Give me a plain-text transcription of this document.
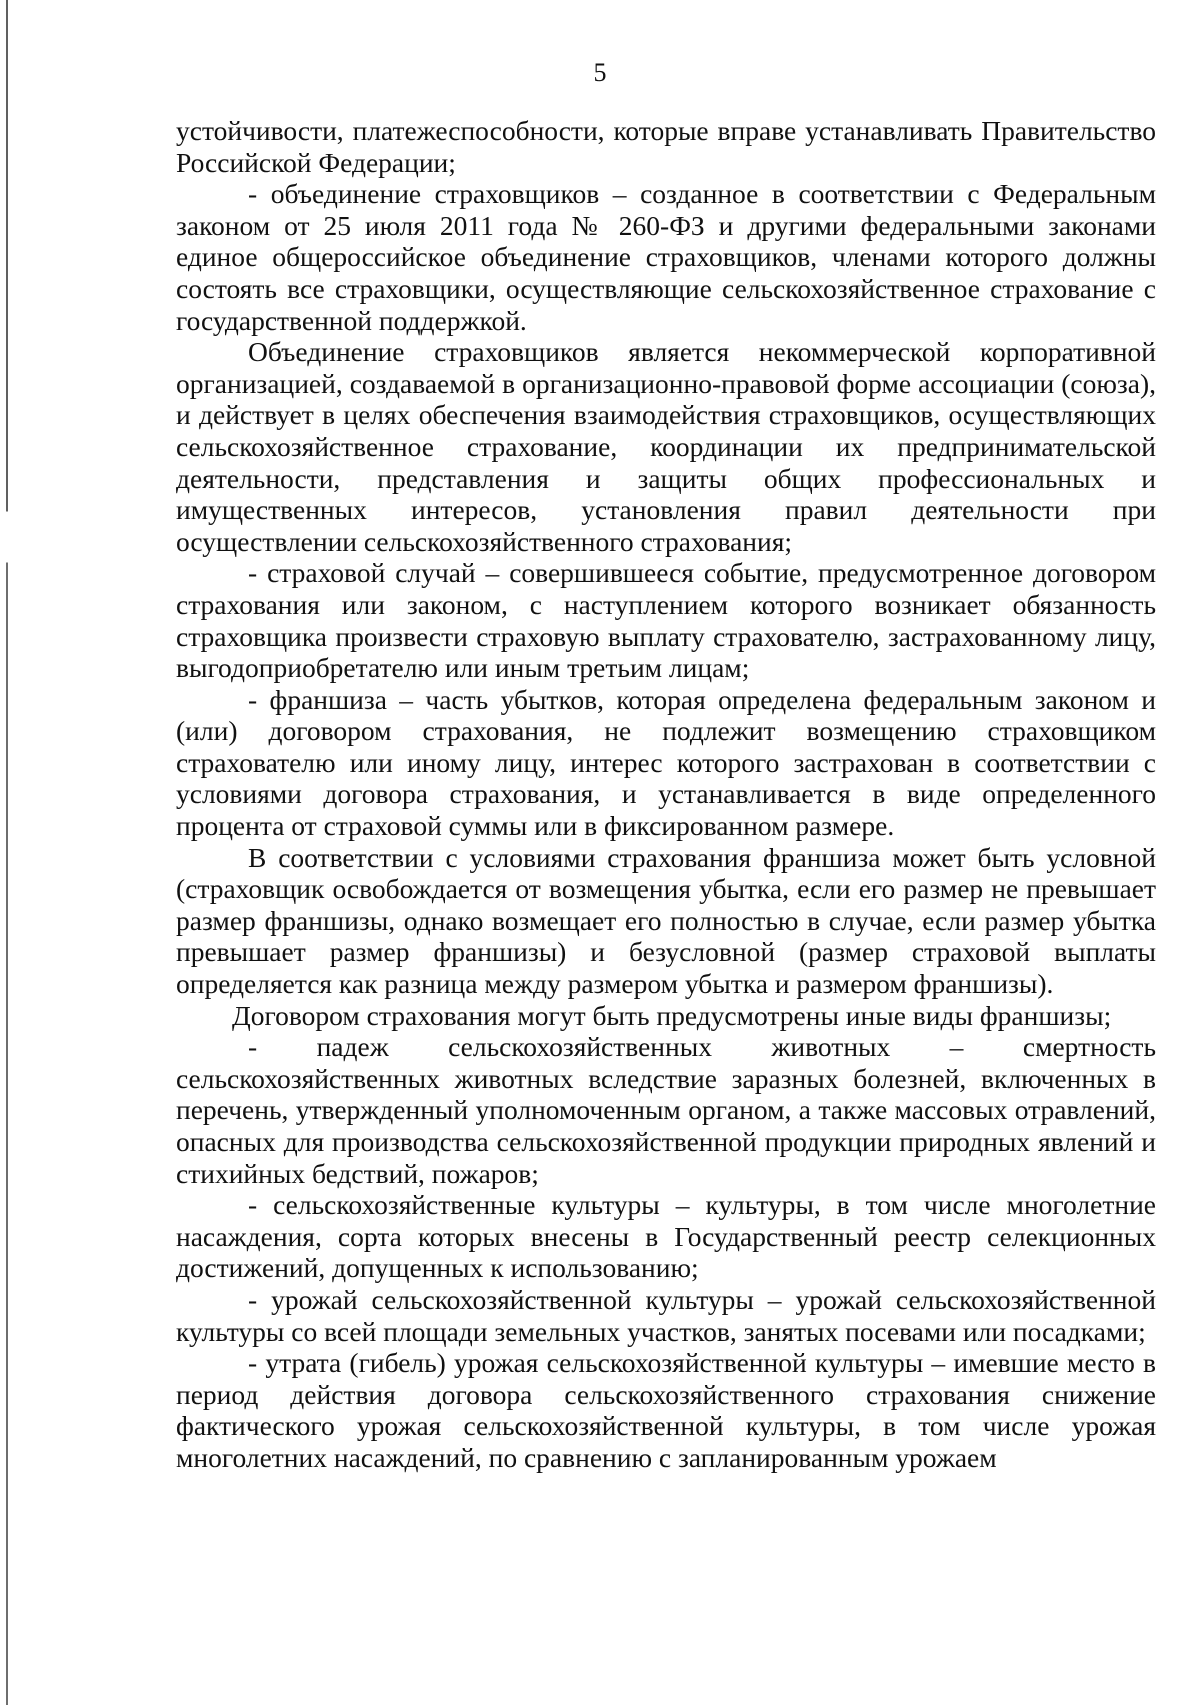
5

устойчивости, платежеспособности, которые вправе устанавливать Правительство Российской Федерации;

- объединение страховщиков – созданное в соответствии с Федеральным законом от 25 июля 2011 года № 260-ФЗ и другими федеральными законами единое общероссийское объединение страховщиков, членами которого должны состоять все страховщики, осуществляющие сельскохозяйственное страхование с государственной поддержкой.

Объединение страховщиков является некоммерческой корпоративной организацией, создаваемой в организационно-правовой форме ассоциации (союза), и действует в целях обеспечения взаимодействия страховщиков, осуществляющих сельскохозяйственное страхование, координации их предпринимательской деятельности, представления и защиты общих профессиональных и имущественных интересов, установления правил деятельности при осуществлении сельскохозяйственного страхования;

- страховой случай – совершившееся событие, предусмотренное договором страхования или законом, с наступлением которого возникает обязанность страховщика произвести страховую выплату страхователю, застрахованному лицу, выгодоприобретателю или иным третьим лицам;

- франшиза – часть убытков, которая определена федеральным законом и (или) договором страхования, не подлежит возмещению страховщиком страхователю или иному лицу, интерес которого застрахован в соответствии с условиями договора страхования, и устанавливается в виде определенного процента от страховой суммы или в фиксированном размере.

В соответствии с условиями страхования франшиза может быть условной (страховщик освобождается от возмещения убытка, если его размер не превышает размер франшизы, однако возмещает его полностью в случае, если размер убытка превышает размер франшизы) и безусловной (размер страховой выплаты определяется как разница между размером убытка и размером франшизы).

Договором страхования могут быть предусмотрены иные виды франшизы;

- падеж сельскохозяйственных животных – смертность сельскохозяйственных животных вследствие заразных болезней, включенных в перечень, утвержденный уполномоченным органом, а также массовых отравлений, опасных для производства сельскохозяйственной продукции природных явлений и стихийных бедствий, пожаров;

- сельскохозяйственные культуры – культуры, в том числе многолетние насаждения, сорта которых внесены в Государственный реестр селекционных достижений, допущенных к использованию;

- урожай сельскохозяйственной культуры – урожай сельскохозяйственной культуры со всей площади земельных участков, занятых посевами или посадками;

- утрата (гибель) урожая сельскохозяйственной культуры – имевшие место в период действия договора сельскохозяйственного страхования снижение фактического урожая сельскохозяйственной культуры, в том числе урожая многолетних насаждений, по сравнению с запланированным урожаем
